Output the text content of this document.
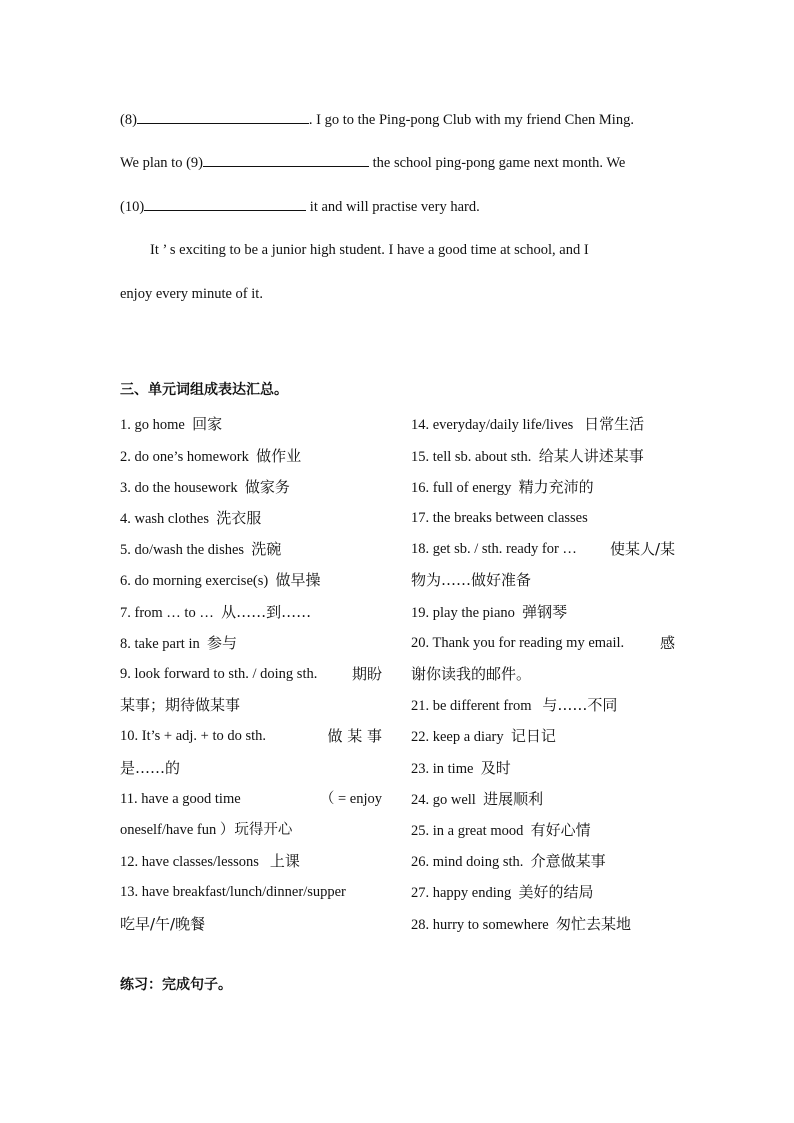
(8)	. I go to the Ping-pong Club with my friend Chen Ming.
We plan to (9)	the school ping-pong game next month. We
(10)	it and will practise very hard.
It ’ s exciting to be a junior high student. I have a good time at school, and I
enjoy every minute of it.
三、单元词组成表达汇总。
1. go home 回家
2. do one’s homework 做作业
3. do the housework 做家务
4. wash clothes 洗衣服
5. do/wash the dishes 洗碗
6. do morning exercise(s) 做早操
7. from … to … 从……到……
8. take part in 参与
9. look forward to sth. / doing sth. 期盼
某事；期待做某事
10. It’s + adj. + to do sth.	做 某 事
是……的
11. have a good time	（ = enjoy
oneself/have fun ）玩得开心
12. have classes/lessons 上课
13. have breakfast/lunch/dinner/supper
吃早/午/晚餐
14. everyday/daily life/lives 日常生活
15. tell sb. about sth. 给某人讲述某事
16. full of energy 精力充沛的
17. the breaks between classes
18. get sb. / sth. ready for … 使某人/某
物为……做好准备
19. play the piano 弹钢琴
20. Thank you for reading my email. 感
谢你读我的邮件。
21. be different from 与……不同
22. keep a diary 记日记
23. in time 及时
24. go well 进展顺利
25. in a great mood 有好心情
26. mind doing sth. 介意做某事
27. happy ending 美好的结局
28. hurry to somewhere 匆忙去某地
练习：完成句子。
